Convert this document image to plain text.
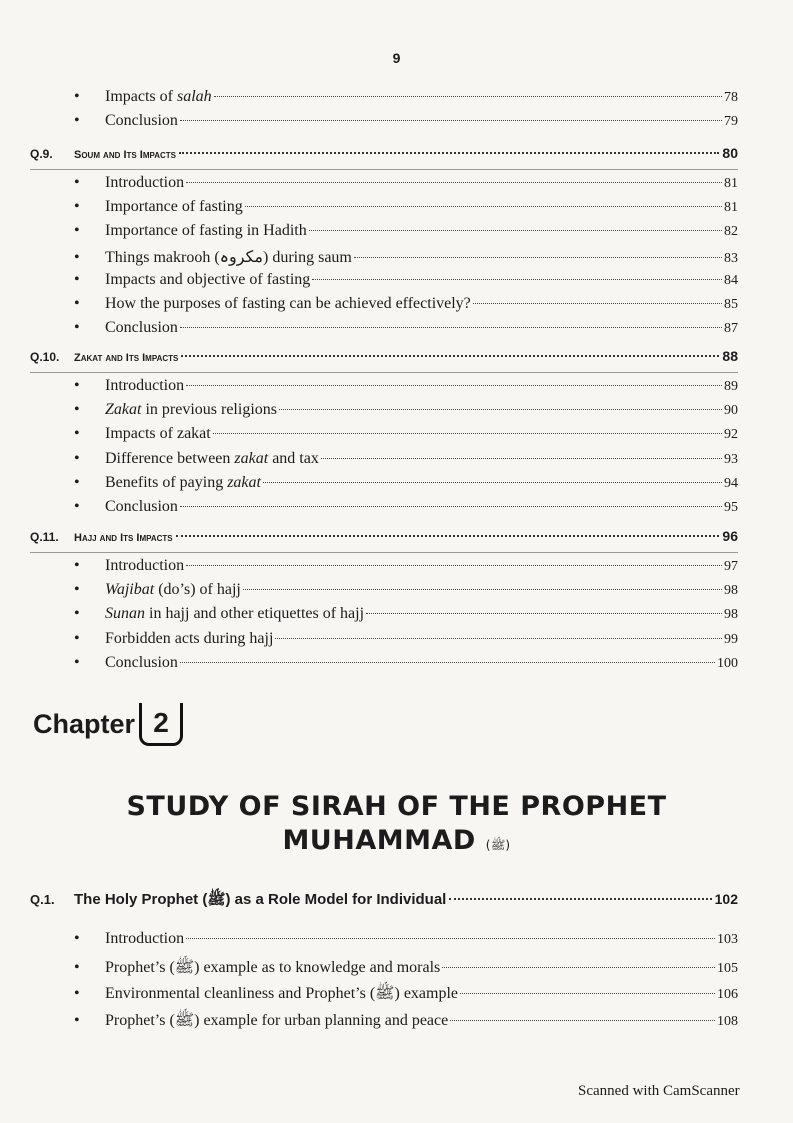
9
•	Impacts of salah	78
•	Conclusion	79
Q.9.	Soum and Its Impacts	80
•	Introduction	81
•	Importance of fasting	81
•	Importance of fasting in Hadith	82
•	Things makrooh (مکروہ) during saum	83
•	Impacts and objective of fasting	84
•	How the purposes of fasting can be achieved effectively?	85
•	Conclusion	87
Q.10.	Zakat and Its Impacts	88
•	Introduction	89
•	Zakat in previous religions	90
•	Impacts of zakat	92
•	Difference between zakat and tax	93
•	Benefits of paying zakat	94
•	Conclusion	95
Q.11.	Hajj and Its Impacts	96
•	Introduction	97
•	Wajibat (do’s) of hajj	98
•	Sunan in hajj and other etiquettes of hajj	98
•	Forbidden acts during hajj	99
•	Conclusion	100
Chapter 2
STUDY OF SIRAH OF THE PROPHET
MUHAMMAD (ﷺ)
Q.1.	The Holy Prophet (ﷺ) as a Role Model for Individual	102
•	Introduction	103
•	Prophet’s (ﷺ) example as to knowledge and morals	105
•	Environmental cleanliness and Prophet’s (ﷺ) example	106
•	Prophet’s (ﷺ) example for urban planning and peace	108
Scanned with CamScanner
